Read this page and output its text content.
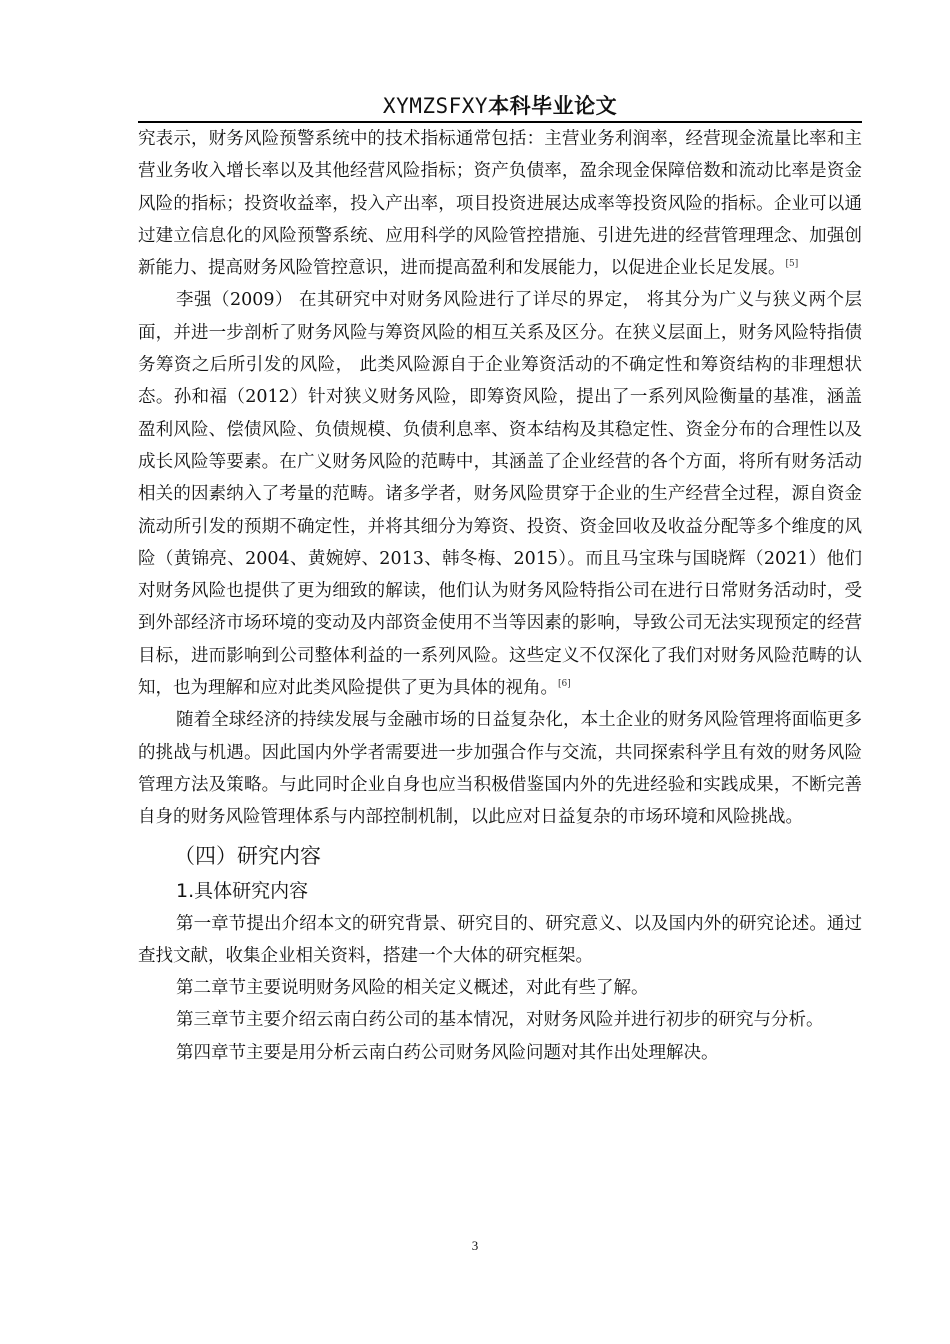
XYMZSFXY本科毕业论文

究表示，财务风险预警系统中的技术指标通常包括：主营业务利润率，经营现金流量比率和主营业务收入增长率以及其他经营风险指标；资产负债率，盈余现金保障倍数和流动比率是资金风险的指标；投资收益率，投入产出率，项目投资进展达成率等投资风险的指标。企业可以通过建立信息化的风险预警系统、应用科学的风险管控措施、引进先进的经营管理理念、加强创新能力、提高财务风险管控意识，进而提高盈利和发展能力，以促进企业长足发展。[5]

李强（2009） 在其研究中对财务风险进行了详尽的界定， 将其分为广义与狭义两个层面，并进一步剖析了财务风险与筹资风险的相互关系及区分。在狭义层面上，财务风险特指债务筹资之后所引发的风险， 此类风险源自于企业筹资活动的不确定性和筹资结构的非理想状态。孙和福（2012）针对狭义财务风险，即筹资风险，提出了一系列风险衡量的基准，涵盖盈利风险、偿债风险、负债规模、负债利息率、资本结构及其稳定性、资金分布的合理性以及成长风险等要素。在广义财务风险的范畴中，其涵盖了企业经营的各个方面，将所有财务活动相关的因素纳入了考量的范畴。诸多学者，财务风险贯穿于企业的生产经营全过程，源自资金流动所引发的预期不确定性，并将其细分为筹资、投资、资金回收及收益分配等多个维度的风险（黄锦亮、2004、黄婉婷、2013、韩冬梅、2015）。而且马宝珠与国晓辉（2021）他们对财务风险也提供了更为细致的解读，他们认为财务风险特指公司在进行日常财务活动时，受到外部经济市场环境的变动及内部资金使用不当等因素的影响，导致公司无法实现预定的经营目标，进而影响到公司整体利益的一系列风险。这些定义不仅深化了我们对财务风险范畴的认知，也为理解和应对此类风险提供了更为具体的视角。[6]

随着全球经济的持续发展与金融市场的日益复杂化，本土企业的财务风险管理将面临更多的挑战与机遇。因此国内外学者需要进一步加强合作与交流，共同探索科学且有效的财务风险管理方法及策略。与此同时企业自身也应当积极借鉴国内外的先进经验和实践成果，不断完善自身的财务风险管理体系与内部控制机制，以此应对日益复杂的市场环境和风险挑战。

（四）研究内容
1.具体研究内容

第一章节提出介绍本文的研究背景、研究目的、研究意义、以及国内外的研究论述。通过查找文献，收集企业相关资料，搭建一个大体的研究框架。

第二章节主要说明财务风险的相关定义概述，对此有些了解。

第三章节主要介绍云南白药公司的基本情况，对财务风险并进行初步的研究与分析。

第四章节主要是用分析云南白药公司财务风险问题对其作出处理解决。

3
